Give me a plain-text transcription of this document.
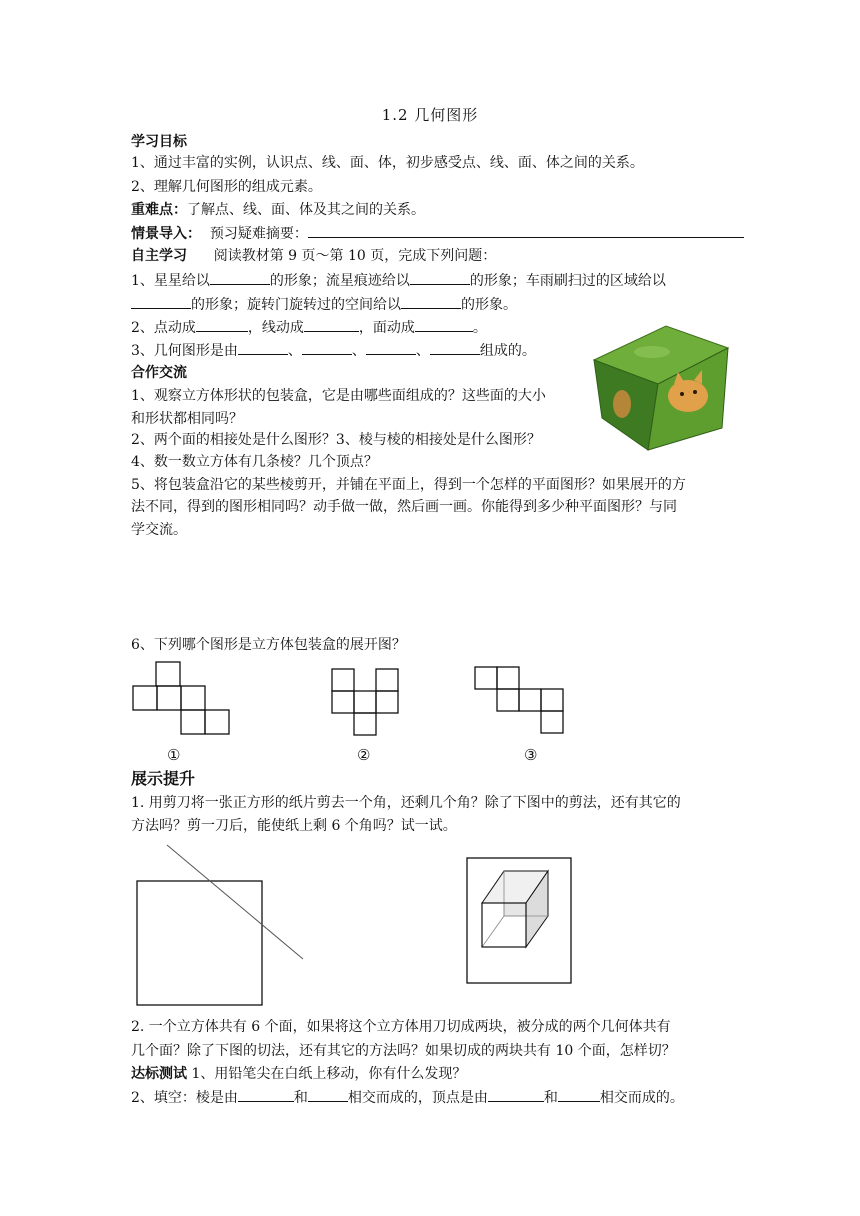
1.2 几何图形
学习目标
1、通过丰富的实例，认识点、线、面、体，初步感受点、线、面、体之间的关系。
2、理解几何图形的组成元素。
重难点：了解点、线、面、体及其之间的关系。
情景导入： 预习疑难摘要：
自主学习 阅读教材第 9 页～第 10 页，完成下列问题：
1、星星给以	的形象；流星痕迹给以	的形象；车雨刷扫过的区域给以
的形象；旋转门旋转过的空间给以	的形象。
2、点动成	，线动成	，面动成	。
3、几何图形是由	、	、	、	组成的。
合作交流
1、观察立方体形状的包装盒，它是由哪些面组成的？这些面的大小
和形状都相同吗？
2、两个面的相接处是什么图形？3、棱与棱的相接处是什么图形？
4、数一数立方体有几条棱？几个顶点？
5、将包装盒沿它的某些棱剪开，并铺在平面上，得到一个怎样的平面图形？如果展开的方
法不同，得到的图形相同吗？动手做一做，然后画一画。你能得到多少种平面图形？与同
学交流。
6、下列哪个图形是立方体包装盒的展开图？
①	②	③
展示提升
1. 用剪刀将一张正方形的纸片剪去一个角，还剩几个角？除了下图中的剪法，还有其它的
方法吗？剪一刀后，能使纸上剩 6 个角吗？试一试。
2. 一个立方体共有 6 个面，如果将这个立方体用刀切成两块，被分成的两个几何体共有
几个面？除了下图的切法，还有其它的方法吗？如果切成的两块共有 10 个面，怎样切？
达标测试 1、用铅笔尖在白纸上移动，你有什么发现？
2、填空：棱是由	和	相交而成的，顶点是由	和	相交而成的。
